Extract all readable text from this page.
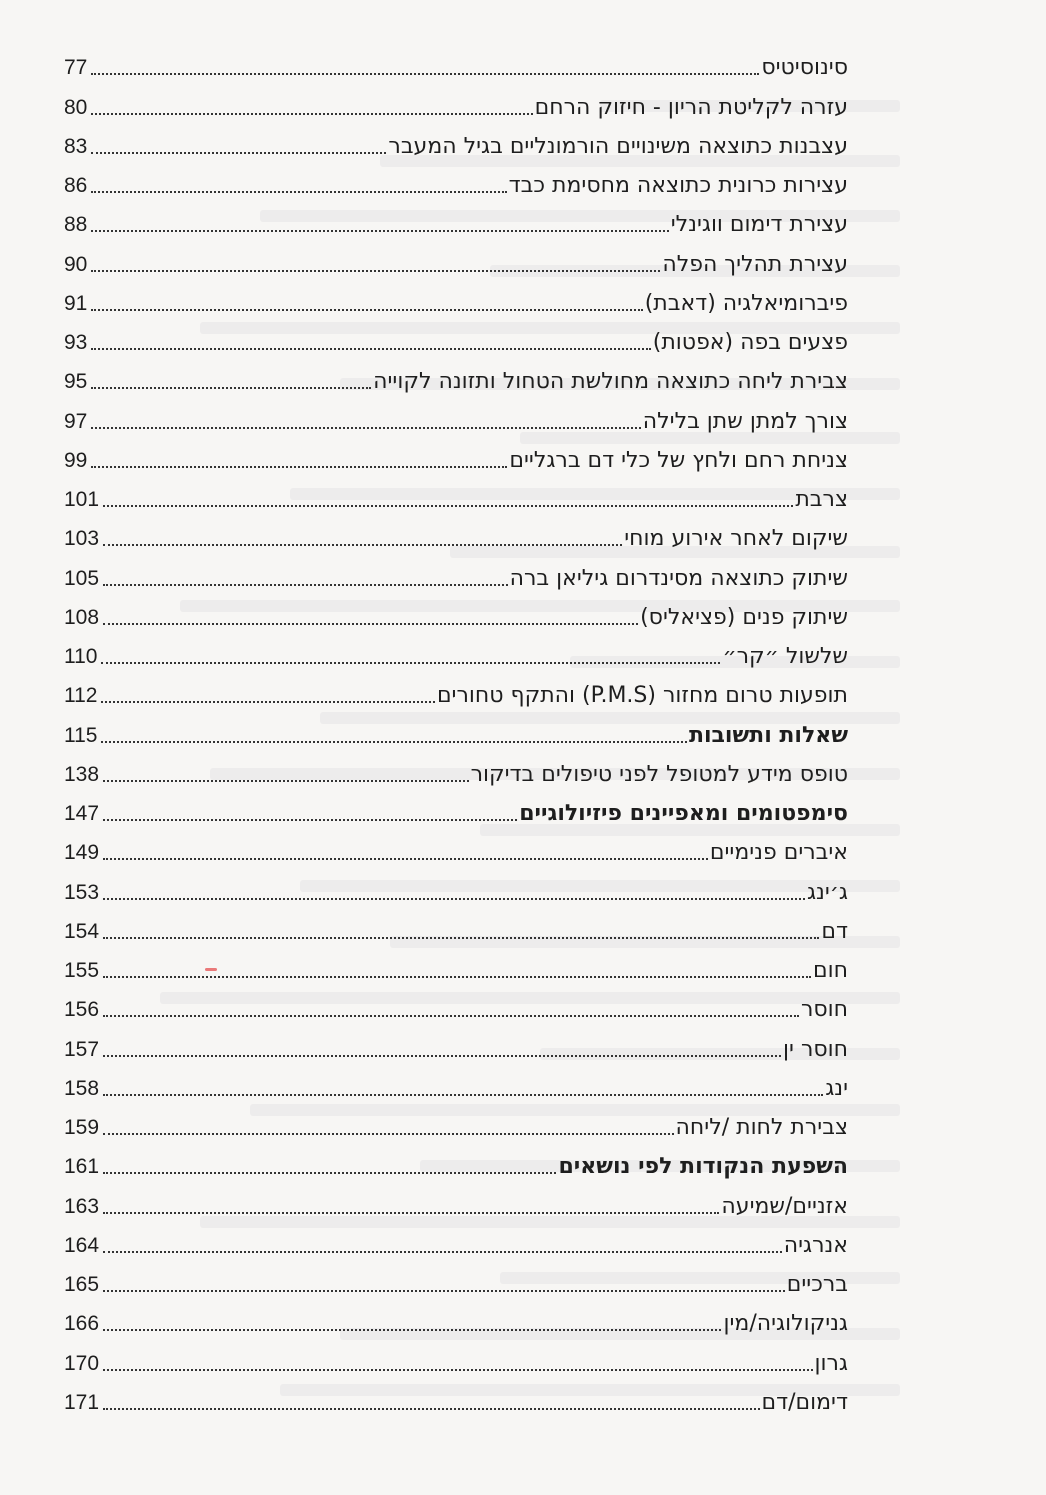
77	סינוסיטיס
80	עזרה לקליטת הריון - חיזוק הרחם
83	עצבנות כתוצאה משינויים הורמונליים בגיל המעבר
86	עצירות כרונית כתוצאה מחסימת כבד
88	עצירת דימום ווגינלי
90	עצירת תהליך הפלה
91	פיברומיאלגיה (דאבת)
93	פצעים בפה (אפטות)
95	צבירת ליחה כתוצאה מחולשת הטחול ותזונה לקוייה
97	צורך למתן שתן בלילה
99	צניחת רחם ולחץ של כלי דם ברגליים
101	צרבת
103	שיקום לאחר אירוע מוחי
105	שיתוק כתוצאה מסינדרום גיליאן ברה
108	שיתוק פנים (פציאליס)
110	שלשול ״קר״
112	תופעות טרום מחזור (P.M.S) והתקף טחורים
115	שאלות ותשובות
138	טופס מידע למטופל לפני טיפולים בדיקור
147	סימפטומים ומאפיינים פיזיולוגיים
149	איברים פנימיים
153	ג׳ינג
154	דם
155	חום
156	חוסר
157	חוסר ין
158	ינג
159	צבירת לחות /ליחה
161	השפעת הנקודות לפי נושאים
163	אזניים/שמיעה
164	אנרגיה
165	ברכיים
166	גניקולוגיה/מין
170	גרון
171	דימום/דם
